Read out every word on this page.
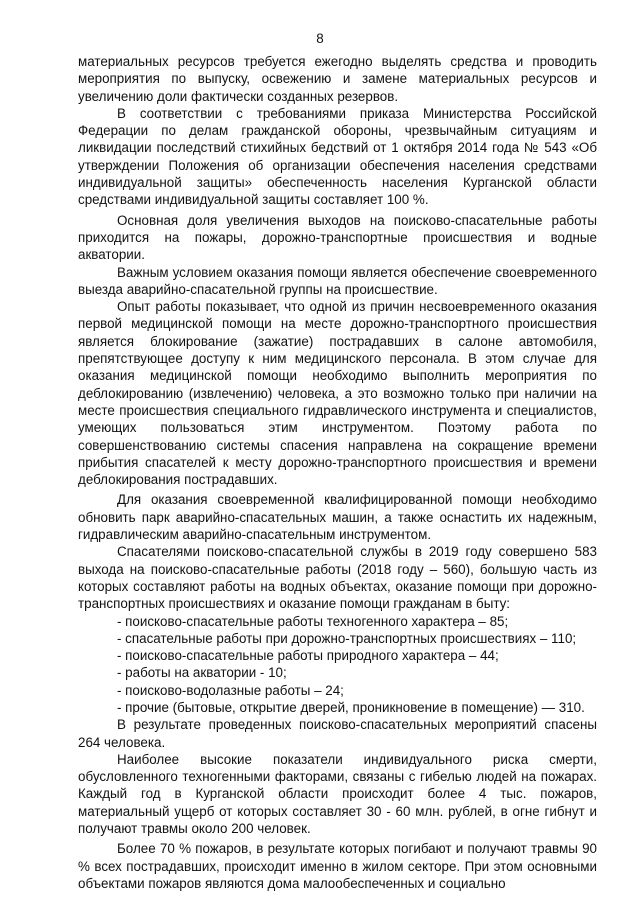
8

материальных ресурсов требуется ежегодно выделять средства и проводить мероприятия по выпуску, освежению и замене материальных ресурсов и увеличению доли фактически созданных резервов.

В соответствии с требованиями приказа Министерства Российской Федерации по делам гражданской обороны, чрезвычайным ситуациям и ликвидации последствий стихийных бедствий от 1 октября 2014 года № 543 «Об утверждении Положения об организации обеспечения населения средствами индивидуальной защиты» обеспеченность населения Курганской области средствами индивидуальной защиты составляет 100 %.

Основная доля увеличения выходов на поисково-спасательные работы приходится на пожары, дорожно-транспортные происшествия и водные акватории.

Важным условием оказания помощи является обеспечение своевременного выезда аварийно-спасательной группы на происшествие.

Опыт работы показывает, что одной из причин несвоевременного оказания первой медицинской помощи на месте дорожно-транспортного происшествия является блокирование (зажатие) пострадавших в салоне автомобиля, препятствующее доступу к ним медицинского персонала. В этом случае для оказания медицинской помощи необходимо выполнить мероприятия по деблокированию (извлечению) человека, а это возможно только при наличии на месте происшествия специального гидравлического инструмента и специалистов, умеющих пользоваться этим инструментом. Поэтому работа по совершенствованию системы спасения направлена на сокращение времени прибытия спасателей к месту дорожно-транспортного происшествия и времени деблокирования пострадавших.

Для оказания своевременной квалифицированной помощи необходимо обновить парк аварийно-спасательных машин, а также оснастить их надежным, гидравлическим аварийно-спасательным инструментом.

Спасателями поисково-спасательной службы в 2019 году совершено 583 выхода на поисково-спасательные работы (2018 году – 560), большую часть из которых составляют работы на водных объектах, оказание помощи при дорожно-транспортных происшествиях и оказание помощи гражданам в быту:

- поисково-спасательные работы техногенного характера – 85;
- спасательные работы при дорожно-транспортных происшествиях – 110;
- поисково-спасательные работы природного характера – 44;
- работы на акватории - 10;
- поисково-водолазные работы – 24;
- прочие (бытовые, открытие дверей, проникновение в помещение) — 310.

В результате проведенных поисково-спасательных мероприятий спасены 264 человека.

Наиболее высокие показатели индивидуального риска смерти, обусловленного техногенными факторами, связаны с гибелью людей на пожарах. Каждый год в Курганской области происходит более 4 тыс. пожаров, материальный ущерб от которых составляет 30 - 60 млн. рублей, в огне гибнут и получают травмы около 200 человек.

Более 70 % пожаров, в результате которых погибают и получают травмы 90 % всех пострадавших, происходит именно в жилом секторе. При этом основными объектами пожаров являются дома малообеспеченных и социально
